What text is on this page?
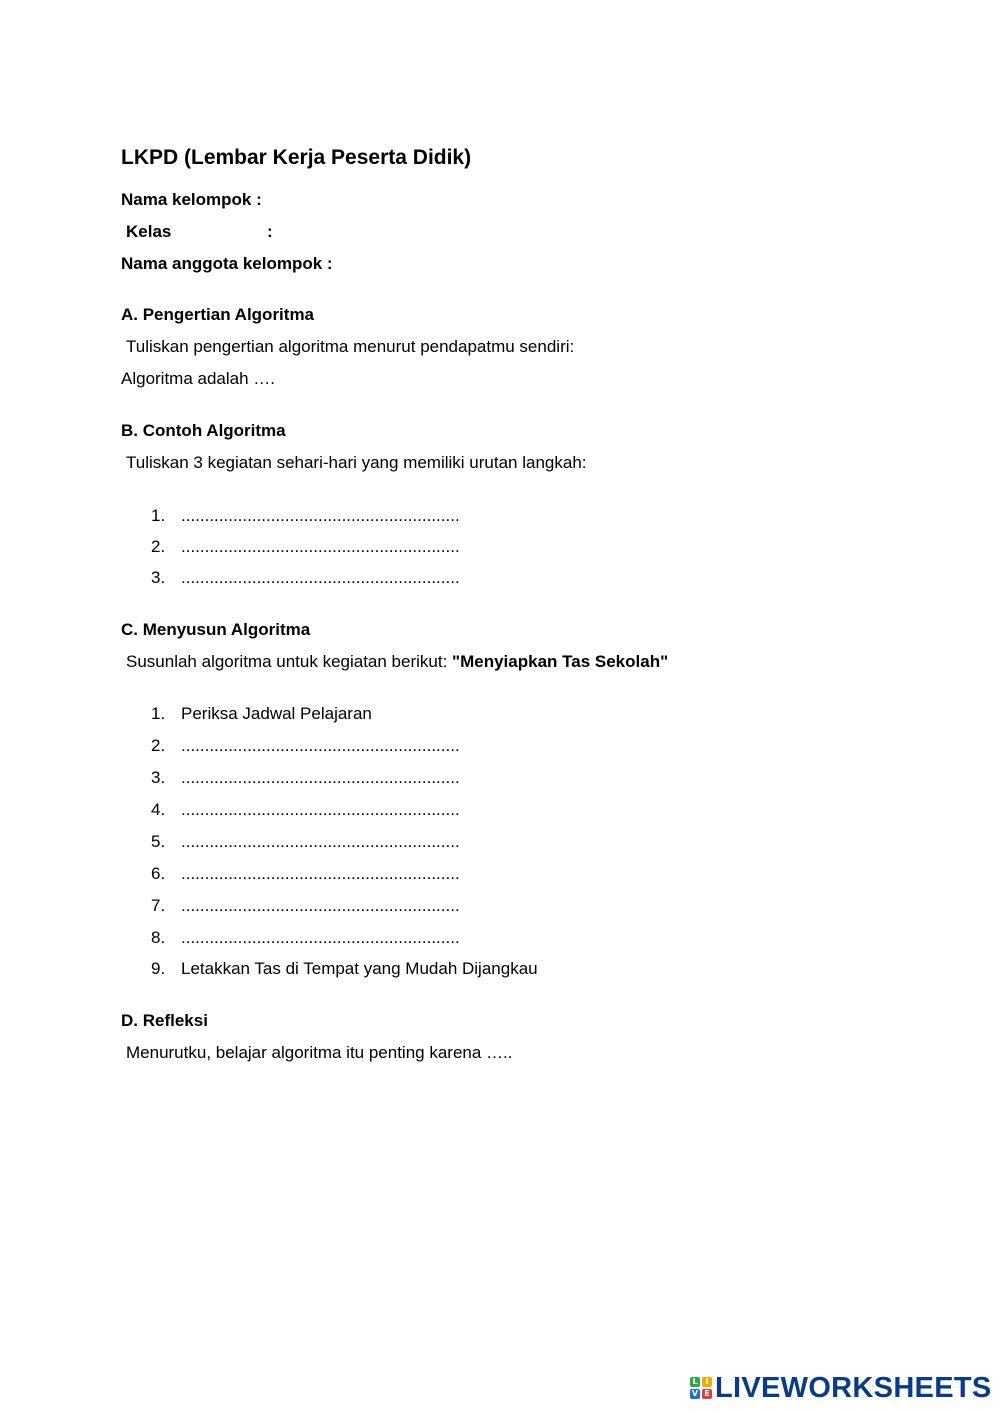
LKPD (Lembar Kerja Peserta Didik)
Nama kelompok :
Kelas	:
Nama anggota kelompok :
A. Pengertian Algoritma
Tuliskan pengertian algoritma menurut pendapatmu sendiri:
Algoritma adalah ….
B. Contoh Algoritma
Tuliskan 3 kegiatan sehari-hari yang memiliki urutan langkah:
1. ...........................................................
2. ...........................................................
3. ...........................................................
C. Menyusun Algoritma
Susunlah algoritma untuk kegiatan berikut: "Menyiapkan Tas Sekolah"
1. Periksa Jadwal Pelajaran
2. ...........................................................
3. ...........................................................
4. ...........................................................
5. ...........................................................
6. ...........................................................
7. ...........................................................
8. ...........................................................
9. Letakkan Tas di Tempat yang Mudah Dijangkau
D. Refleksi
Menurutku, belajar algoritma itu penting karena …..
L I
V E LIVEWORKSHEETS
